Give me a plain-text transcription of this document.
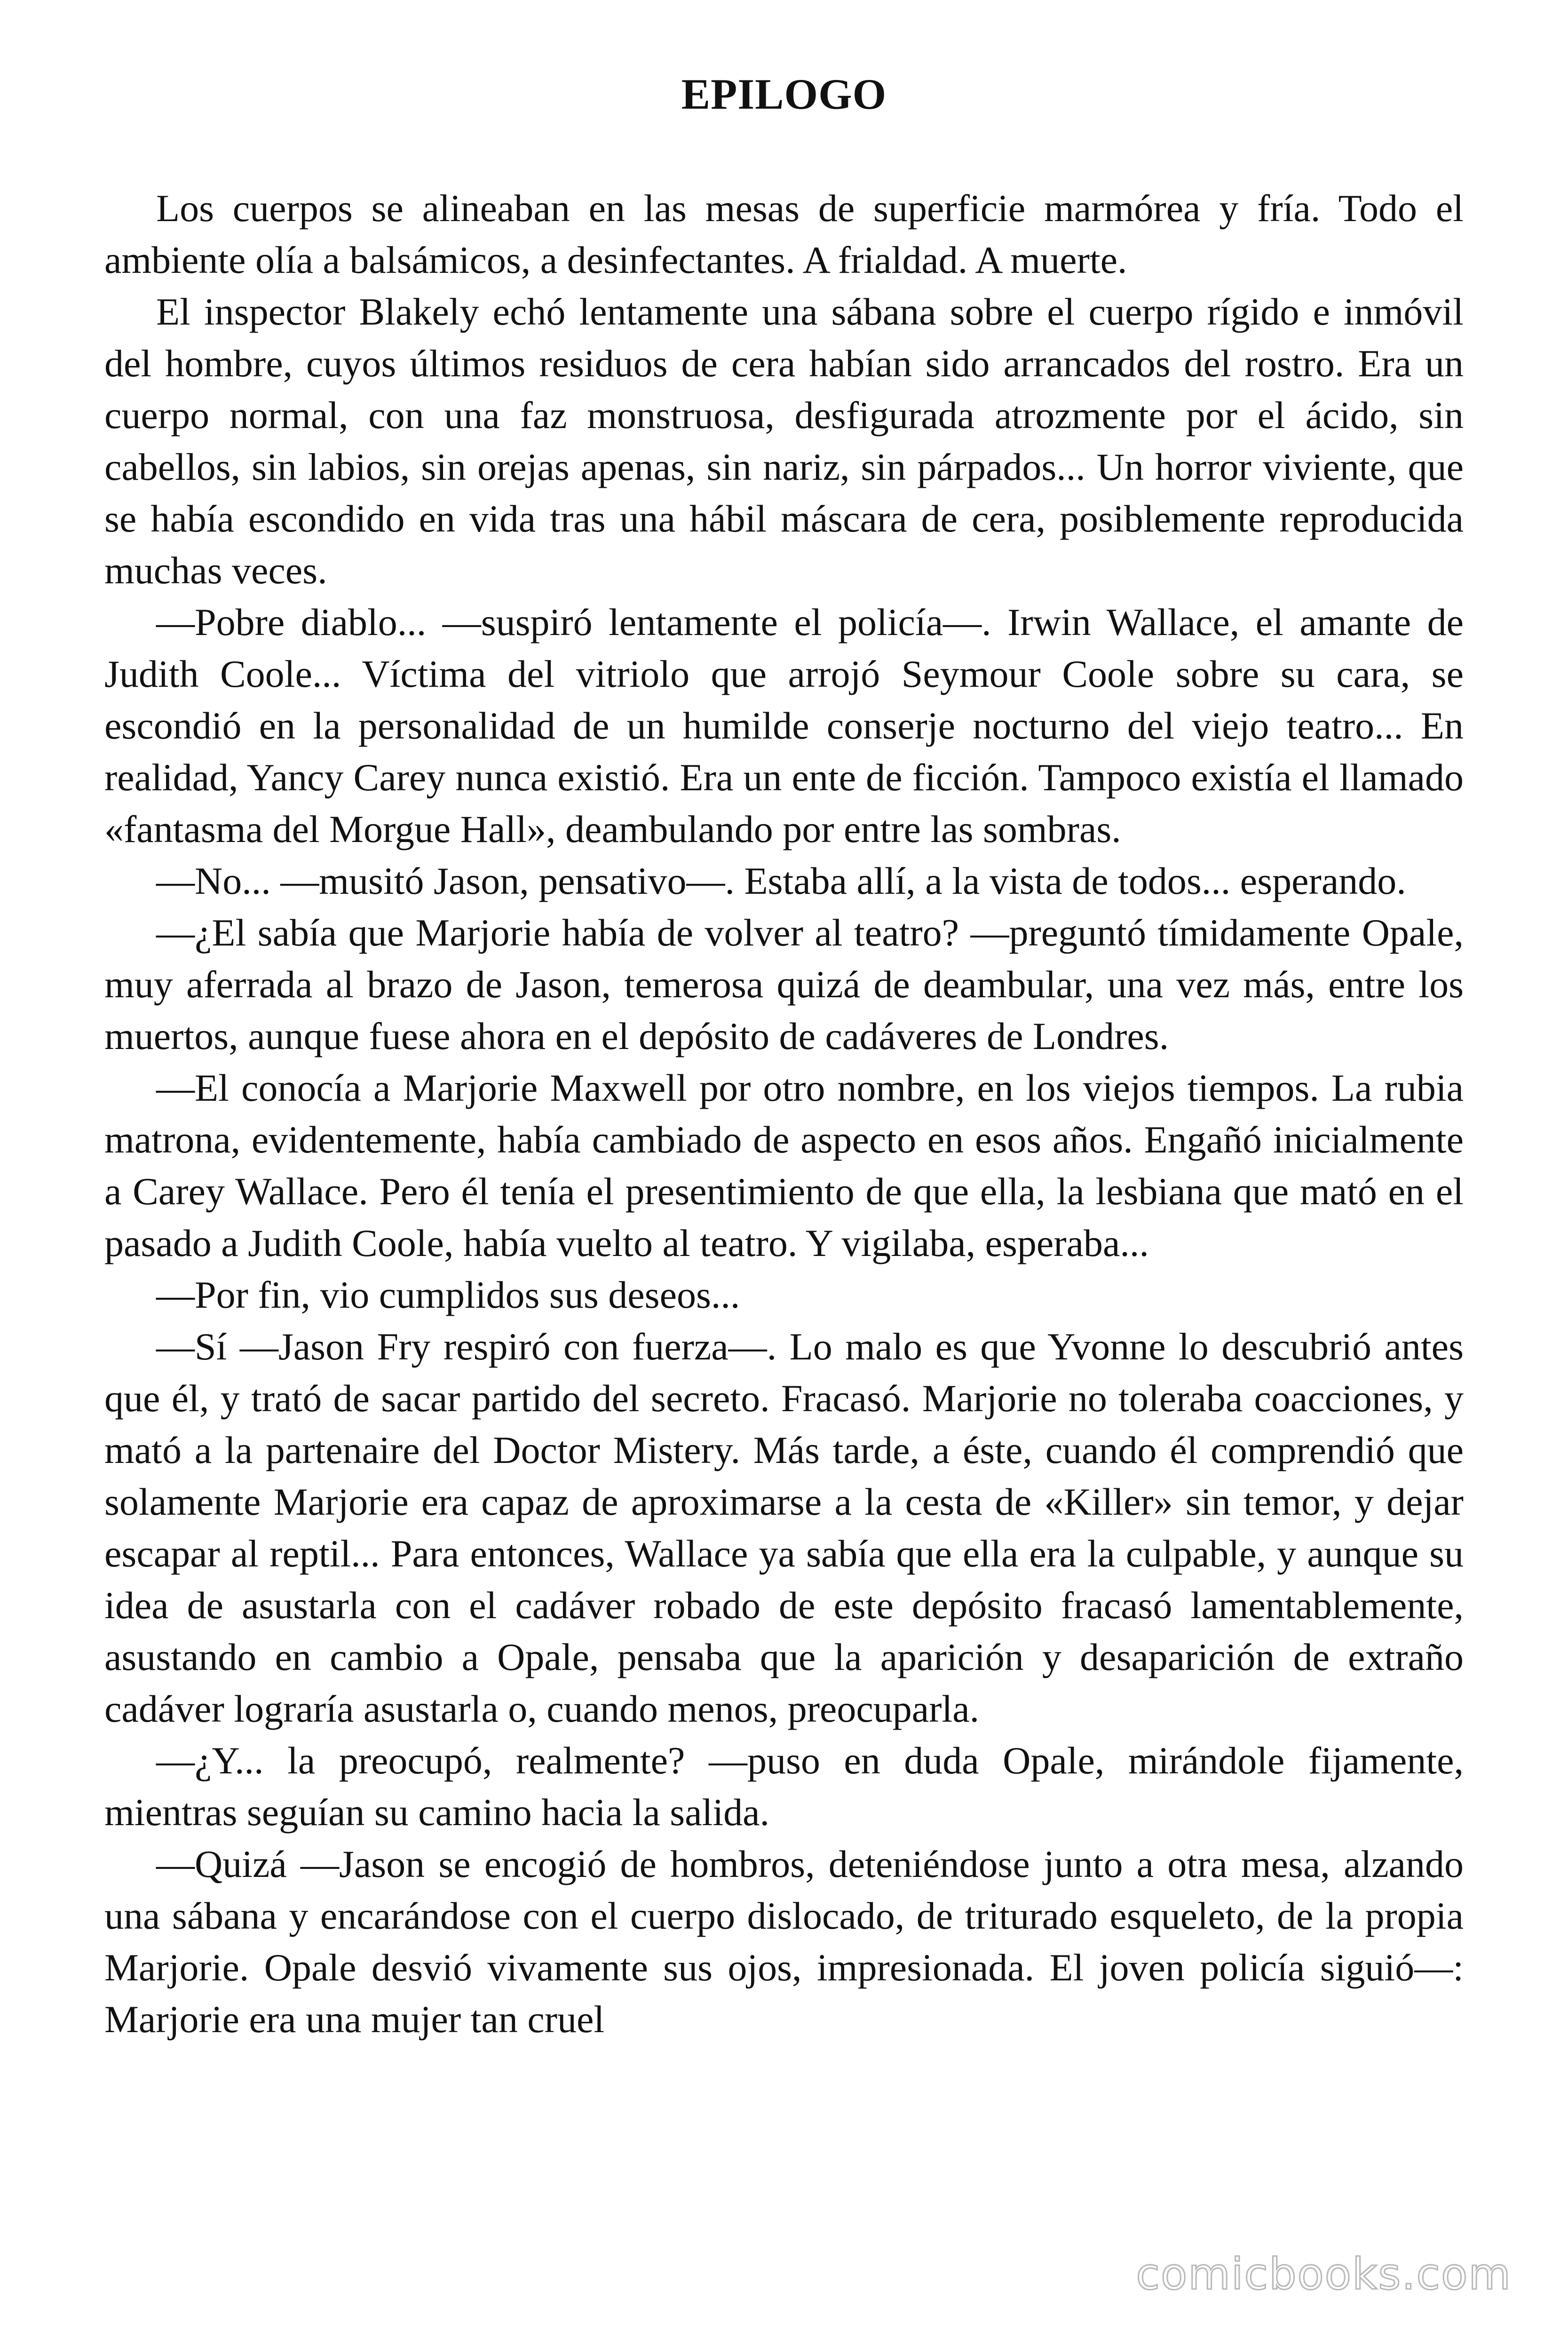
EPILOGO

Los cuerpos se alineaban en las mesas de superficie marmórea y fría. Todo el ambiente olía a balsámicos, a desinfectantes. A frialdad. A muerte.

El inspector Blakely echó lentamente una sábana sobre el cuerpo rígido e inmóvil del hombre, cuyos últimos residuos de cera habían sido arrancados del rostro. Era un cuerpo normal, con una faz monstruosa, desfigurada atrozmente por el ácido, sin cabellos, sin labios, sin orejas apenas, sin nariz, sin párpados... Un horror viviente, que se había escondido en vida tras una hábil máscara de cera, posiblemente reproducida muchas veces.

—Pobre diablo... —suspiró lentamente el policía—. Irwin Wallace, el amante de Judith Coole... Víctima del vitriolo que arrojó Seymour Coole sobre su cara, se escondió en la personalidad de un humilde conserje nocturno del viejo teatro... En realidad, Yancy Carey nunca existió. Era un ente de ficción. Tampoco existía el llamado «fantasma del Morgue Hall», deambulando por entre las sombras.

—No... —musitó Jason, pensativo—. Estaba allí, a la vista de todos... esperando.

—¿El sabía que Marjorie había de volver al teatro? —preguntó tímidamente Opale, muy aferrada al brazo de Jason, temerosa quizá de deambular, una vez más, entre los muertos, aunque fuese ahora en el depósito de cadáveres de Londres.

—El conocía a Marjorie Maxwell por otro nombre, en los viejos tiempos. La rubia matrona, evidentemente, había cambiado de aspecto en esos años. Engañó inicialmente a Carey Wallace. Pero él tenía el presentimiento de que ella, la lesbiana que mató en el pasado a Judith Coole, había vuelto al teatro. Y vigilaba, esperaba...

—Por fin, vio cumplidos sus deseos...

—Sí —Jason Fry respiró con fuerza—. Lo malo es que Yvonne lo descubrió antes que él, y trató de sacar partido del secreto. Fracasó. Marjorie no toleraba coacciones, y mató a la partenaire del Doctor Mistery. Más tarde, a éste, cuando él comprendió que solamente Marjorie era capaz de aproximarse a la cesta de «Killer» sin temor, y dejar escapar al reptil... Para entonces, Wallace ya sabía que ella era la culpable, y aunque su idea de asustarla con el cadáver robado de este depósito fracasó lamentablemente, asustando en cambio a Opale, pensaba que la aparición y desaparición de extraño cadáver lograría asustarla o, cuando menos, preocuparla.

—¿Y... la preocupó, realmente? —puso en duda Opale, mirándole fijamente, mientras seguían su camino hacia la salida.

—Quizá —Jason se encogió de hombros, deteniéndose junto a otra mesa, alzando una sábana y encarándose con el cuerpo dislocado, de triturado esqueleto, de la propia Marjorie. Opale desvió vivamente sus ojos, impresionada. El joven policía siguió—: Marjorie era una mujer tan cruel

comicbooks.com
